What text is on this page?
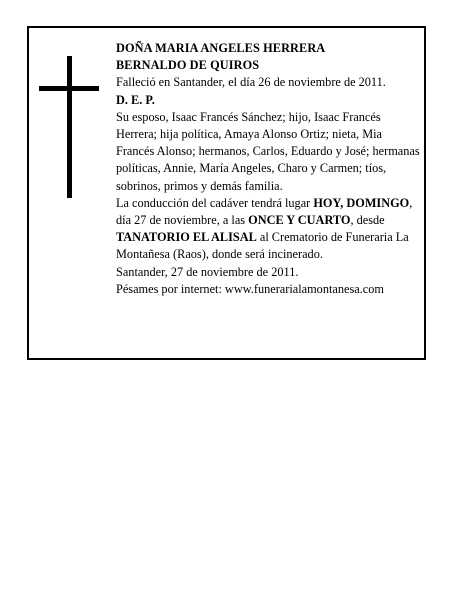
DOÑA MARIA ANGELES HERRERA

BERNALDO DE QUIROS

Falleció en Santander, el día 26 de noviembre de 2011.

D. E. P.

Su esposo, Isaac Francés Sánchez; hijo, Isaac Francés Herrera; hija política, Amaya Alonso Ortiz; nieta, Mia Francés Alonso; hermanos, Carlos, Eduardo y José; hermanas políticas, Annie, María Angeles, Charo y Carmen; tíos, sobrinos, primos y demás familia.

La conducción del cadáver tendrá lugar HOY, DOMINGO, día 27 de noviembre, a las ONCE Y CUARTO, desde TANATORIO EL ALISAL al Crematorio de Funeraria La Montañesa (Raos), donde será incinerado.

Santander, 27 de noviembre de 2011.

Pésames por internet: www.funerarialamontanesa.com
